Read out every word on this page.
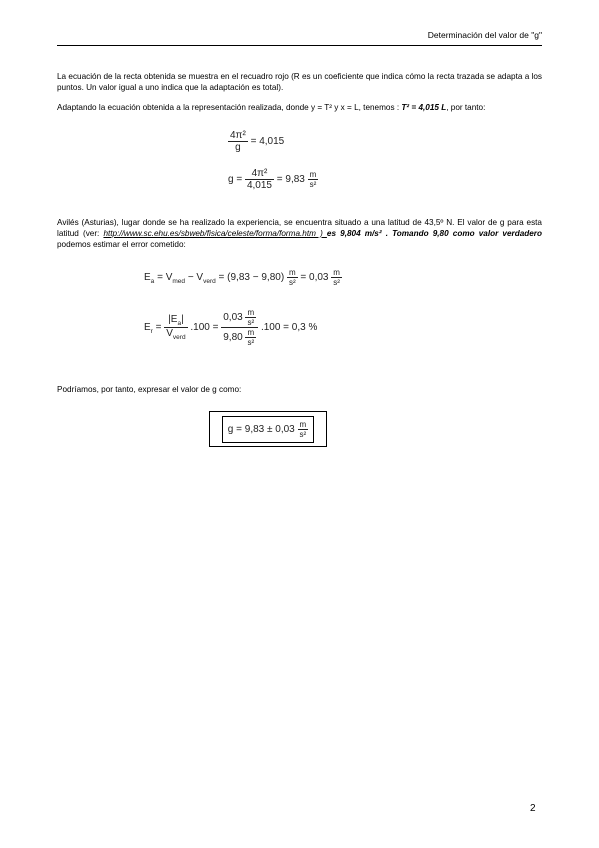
Determinación del valor de "g"
La ecuación de la recta obtenida se muestra en el recuadro rojo (R es un coeficiente que indica cómo la recta trazada se adapta a los puntos. Un valor igual a uno indica que la adaptación es total).
Adaptando la ecuación obtenida a la representación realizada, donde y = T² y x = L, tenemos : T² = 4,015 L, por tanto:
$\frac{\text{4π²}}{g} = 4,015$
$g = \frac{\text{4π²}}{4,015} = 9,83 \frac{m}{\text{s²}}$
Avilés (Asturias), lugar donde se ha realizado la experiencia, se encuentra situado a una latitud de 43,5º N. El valor de g para esta latitud (ver: http://www.sc.ehu.es/sbweb/fisica/celeste/forma/forma.htm ) es 9,804 m/s² . Tomando 9,80 como valor verdadero podemos estimar el error cometido:
$E_a = V_{med} - V_{verd} = (9,83 - 9,80) \frac{m}{\text{s²}} = 0,03 \frac{m}{\text{s²}}$
$E_r = \frac{|E_a|}{V_{verd}} .100 = \frac{0,03 \frac{m}{\text{s²}}}{9,80 \frac{m}{\text{s²}}} .100 = 0,3$ %
Podríamos, por tanto, expresar el valor de g como:
$g = 9,83 \pm 0,03 \frac{m}{\text{s²}}$
2
